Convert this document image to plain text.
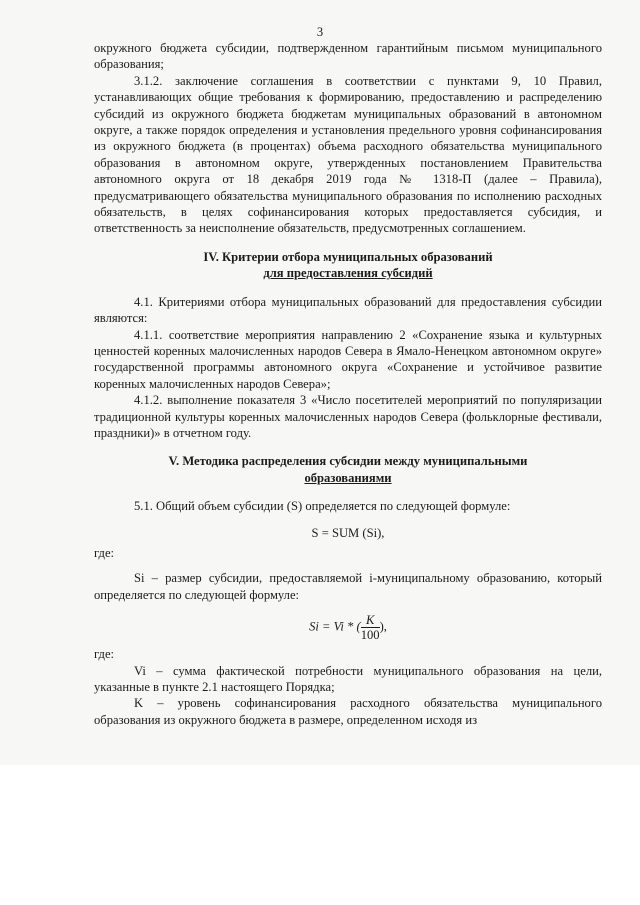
3

окружного бюджета субсидии, подтвержденном гарантийным письмом муниципального образования;

3.1.2. заключение соглашения в соответствии с пунктами 9, 10 Правил, устанавливающих общие требования к формированию, предоставлению и распределению субсидий из окружного бюджета бюджетам муниципальных образований в автономном округе, а также порядок определения и установления предельного уровня софинансирования из окружного бюджета (в процентах) объема расходного обязательства муниципального образования в автономном округе, утвержденных постановлением Правительства автономного округа от 18 декабря 2019 года № 1318-П (далее – Правила), предусматривающего обязательства муниципального образования по исполнению расходных обязательств, в целях софинансирования которых предоставляется субсидия, и ответственность за неисполнение обязательств, предусмотренных соглашением.

IV. Критерии отбора муниципальных образований
для предоставления субсидий

4.1. Критериями отбора муниципальных образований для предоставления субсидии являются:

4.1.1. соответствие мероприятия направлению 2 «Сохранение языка и культурных ценностей коренных малочисленных народов Севера в Ямало-Ненецком автономном округе» государственной программы автономного округа «Сохранение и устойчивое развитие коренных малочисленных народов Севера»;

4.1.2. выполнение показателя 3 «Число посетителей мероприятий по популяризации традиционной культуры коренных малочисленных народов Севера (фольклорные фестивали, праздники)» в отчетном году.

V. Методика распределения субсидии между муниципальными
образованиями

5.1. Общий объем субсидии (S) определяется по следующей формуле:

S = SUM (Si),

где:

Si – размер субсидии, предоставляемой i-муниципальному образованию, который определяется по следующей формуле:

Si = Vi * ( $\frac{K}{100}$ ),

где:

Vi – сумма фактической потребности муниципального образования на цели, указанные в пункте 2.1 настоящего Порядка;

K – уровень софинансирования расходного обязательства муниципального образования из окружного бюджета в размере, определенном исходя из
